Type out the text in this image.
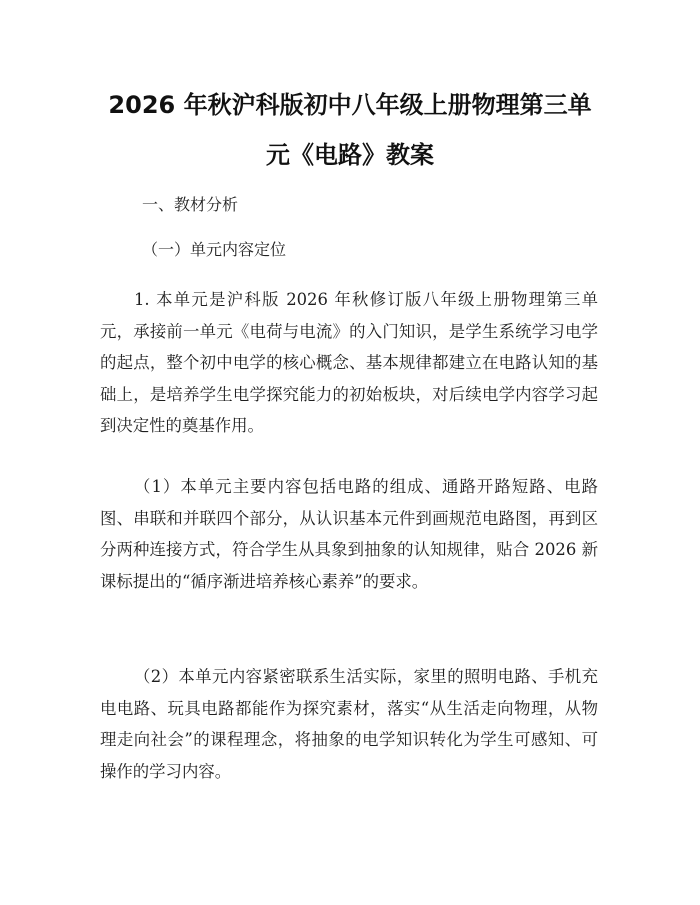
2026 年秋沪科版初中八年级上册物理第三单
元《电路》教案
一、教材分析
（一）单元内容定位

1. 本单元是沪科版 2026 年秋修订版八年级上册物理第三单元，承接前一单元《电荷与电流》的入门知识，是学生系统学习电学的起点，整个初中电学的核心概念、基本规律都建立在电路认知的基础上，是培养学生电学探究能力的初始板块，对后续电学内容学习起到决定性的奠基作用。

（1）本单元主要内容包括电路的组成、通路开路短路、电路图、串联和并联四个部分，从认识基本元件到画规范电路图，再到区分两种连接方式，符合学生从具象到抽象的认知规律，贴合 2026 新课标提出的“循序渐进培养核心素养”的要求。

（2）本单元内容紧密联系生活实际，家里的照明电路、手机充电电路、玩具电路都能作为探究素材，落实“从生活走向物理，从物理走向社会”的课程理念，将抽象的电学知识转化为学生可感知、可操作的学习内容。
